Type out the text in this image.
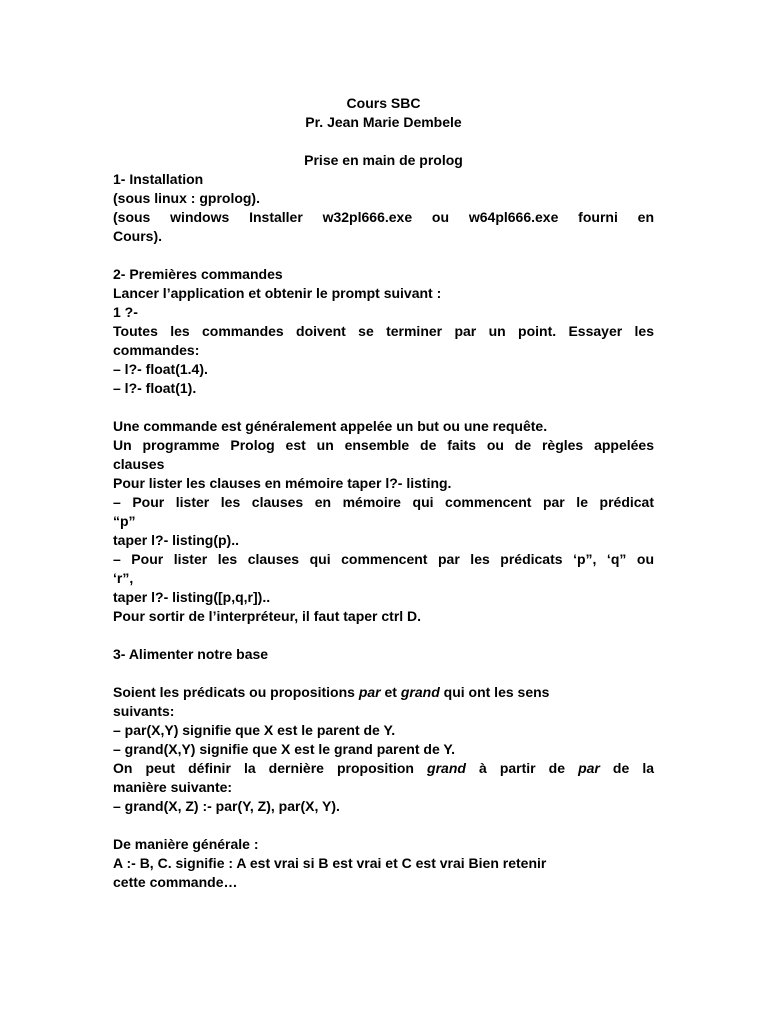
Cours SBC
Pr. Jean Marie Dembele
Prise en main de prolog
1- Installation
(sous linux : gprolog).
(sous windows Installer w32pl666.exe ou w64pl666.exe fourni en
Cours).
2- Premières commandes
Lancer l’application et obtenir le prompt suivant :
1 ?-
Toutes les commandes doivent se terminer par un point. Essayer les
commandes:
– l?- float(1.4).
– l?- float(1).
Une commande est généralement appelée un but ou une requête.
Un programme Prolog est un ensemble de faits ou de règles appelées
clauses
Pour lister les clauses en mémoire taper l?- listing.
– Pour lister les clauses en mémoire qui commencent par le prédicat
“p”
taper l?- listing(p)..
– Pour lister les clauses qui commencent par les prédicats ‘p”, ‘q” ou
‘r”,
taper l?- listing([p,q,r])..
Pour sortir de l’interpréteur, il faut taper ctrl D.
3- Alimenter notre base
Soient les prédicats ou propositions par et grand qui ont les sens
suivants:
– par(X,Y) signifie que X est le parent de Y.
– grand(X,Y) signifie que X est le grand parent de Y.
On peut définir la dernière proposition grand à partir de par de la
manière suivante:
– grand(X, Z) :- par(Y, Z), par(X, Y).
De manière générale :
A :- B, C. signifie : A est vrai si B est vrai et C est vrai Bien retenir
cette commande…
